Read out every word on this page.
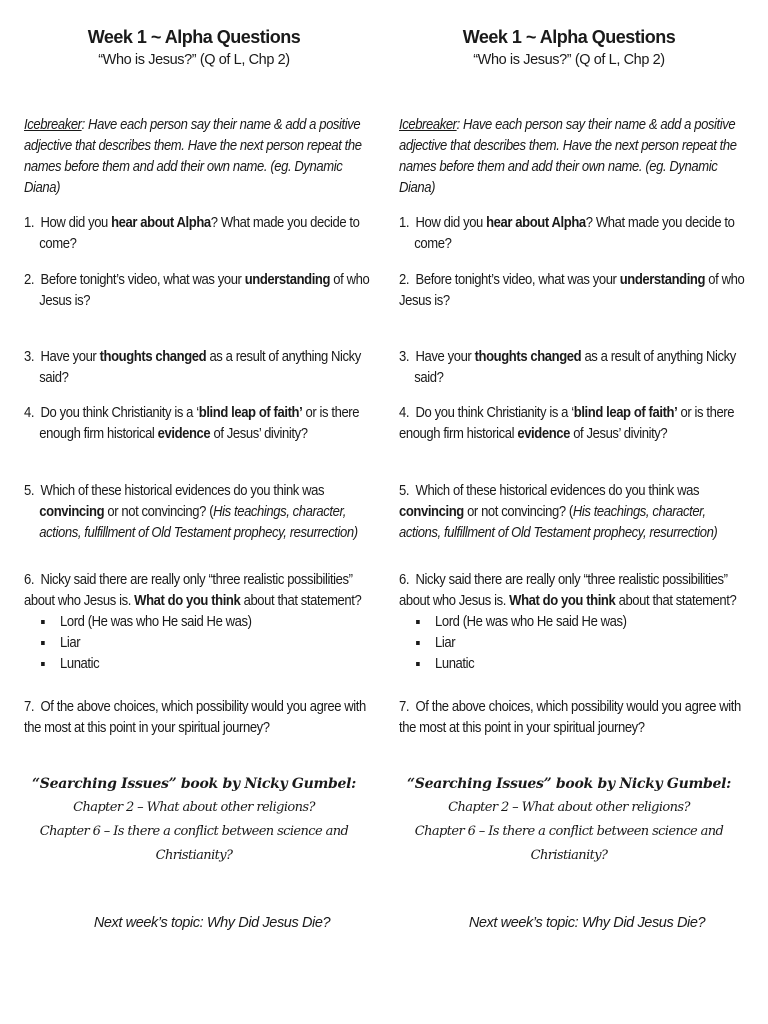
Week 1 ~ Alpha Questions
“Who is Jesus?” (Q of L, Chp 2)
Icebreaker: Have each person say their name & add a positive adjective that describes them. Have the next person repeat the names before them and add their own name. (eg. Dynamic Diana)
1. How did you hear about Alpha? What made you decide to come?
2. Before tonight’s video, what was your understanding of who Jesus is?
3. Have your thoughts changed as a result of anything Nicky said?
4. Do you think Christianity is a ‘blind leap of faith’ or is there enough firm historical evidence of Jesus’ divinity?
5. Which of these historical evidences do you think was convincing or not convincing? (His teachings, character, actions, fulfillment of Old Testament prophecy, resurrection)
6. Nicky said there are really only “three realistic possibilities” about who Jesus is. What do you think about that statement?
Lord (He was who He said He was)
Liar
Lunatic
7. Of the above choices, which possibility would you agree with the most at this point in your spiritual journey?
“Searching Issues” book by Nicky Gumbel:
Chapter 2 – What about other religions?
Chapter 6 – Is there a conflict between science and Christianity?
Next week’s topic: Why Did Jesus Die?
Week 1 ~ Alpha Questions
“Who is Jesus?” (Q of L, Chp 2)
Icebreaker: Have each person say their name & add a positive adjective that describes them. Have the next person repeat the names before them and add their own name. (eg. Dynamic Diana)
1. How did you hear about Alpha? What made you decide to come?
2. Before tonight’s video, what was your understanding of who Jesus is?
3. Have your thoughts changed as a result of anything Nicky said?
4. Do you think Christianity is a ‘blind leap of faith’ or is there enough firm historical evidence of Jesus’ divinity?
5. Which of these historical evidences do you think was convincing or not convincing? (His teachings, character, actions, fulfillment of Old Testament prophecy, resurrection)
6. Nicky said there are really only “three realistic possibilities” about who Jesus is. What do you think about that statement?
Lord (He was who He said He was)
Liar
Lunatic
7. Of the above choices, which possibility would you agree with the most at this point in your spiritual journey?
“Searching Issues” book by Nicky Gumbel:
Chapter 2 – What about other religions?
Chapter 6 – Is there a conflict between science and Christianity?
Next week’s topic: Why Did Jesus Die?
